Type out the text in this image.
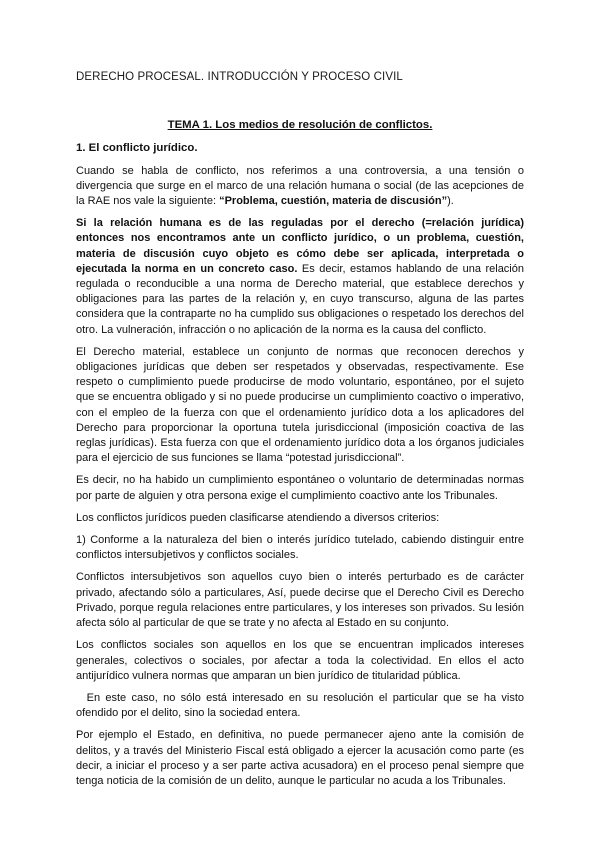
DERECHO PROCESAL. INTRODUCCIÓN Y PROCESO CIVIL
TEMA 1. Los medios de resolución de conflictos.
1. El conflicto jurídico.

Cuando se habla de conflicto, nos referimos a una controversia, a una tensión o divergencia que surge en el marco de una relación humana o social (de las acepciones de la RAE nos vale la siguiente: “Problema, cuestión, materia de discusión”).

Si la relación humana es de las reguladas por el derecho (=relación jurídica) entonces nos encontramos ante un conflicto jurídico, o un problema, cuestión, materia de discusión cuyo objeto es cómo debe ser aplicada, interpretada o ejecutada la norma en un concreto caso. Es decir, estamos hablando de una relación regulada o reconducible a una norma de Derecho material, que establece derechos y obligaciones para las partes de la relación y, en cuyo transcurso, alguna de las partes considera que la contraparte no ha cumplido sus obligaciones o respetado los derechos del otro. La vulneración, infracción o no aplicación de la norma es la causa del conflicto.

El Derecho material, establece un conjunto de normas que reconocen derechos y obligaciones jurídicas que deben ser respetados y observadas, respectivamente. Ese respeto o cumplimiento puede producirse de modo voluntario, espontáneo, por el sujeto que se encuentra obligado y si no puede producirse un cumplimiento coactivo o imperativo, con el empleo de la fuerza con que el ordenamiento jurídico dota a los aplicadores del Derecho para proporcionar la oportuna tutela jurisdiccional (imposición coactiva de las reglas jurídicas). Esta fuerza con que el ordenamiento jurídico dota a los órganos judiciales para el ejercicio de sus funciones se llama “potestad jurisdiccional”.

Es decir, no ha habido un cumplimiento espontáneo o voluntario de determinadas normas por parte de alguien y otra persona exige el cumplimiento coactivo ante los Tribunales.

Los conflictos jurídicos pueden clasificarse atendiendo a diversos criterios:

1) Conforme a la naturaleza del bien o interés jurídico tutelado, cabiendo distinguir entre conflictos intersubjetivos y conflictos sociales.

Conflictos intersubjetivos son aquellos cuyo bien o interés perturbado es de carácter privado, afectando sólo a particulares, Así, puede decirse que el Derecho Civil es Derecho Privado, porque regula relaciones entre particulares, y los intereses son privados. Su lesión afecta sólo al particular de que se trate y no afecta al Estado en su conjunto.

Los conflictos sociales son aquellos en los que se encuentran implicados intereses generales, colectivos o sociales, por afectar a toda la colectividad. En ellos el acto antijurídico vulnera normas que amparan un bien jurídico de titularidad pública.

En este caso, no sólo está interesado en su resolución el particular que se ha visto ofendido por el delito, sino la sociedad entera.

Por ejemplo el Estado, en definitiva, no puede permanecer ajeno ante la comisión de delitos, y a través del Ministerio Fiscal está obligado a ejercer la acusación como parte (es decir, a iniciar el proceso y a ser parte activa acusadora) en el proceso penal siempre que tenga noticia de la comisión de un delito, aunque le particular no acuda a los Tribunales.
